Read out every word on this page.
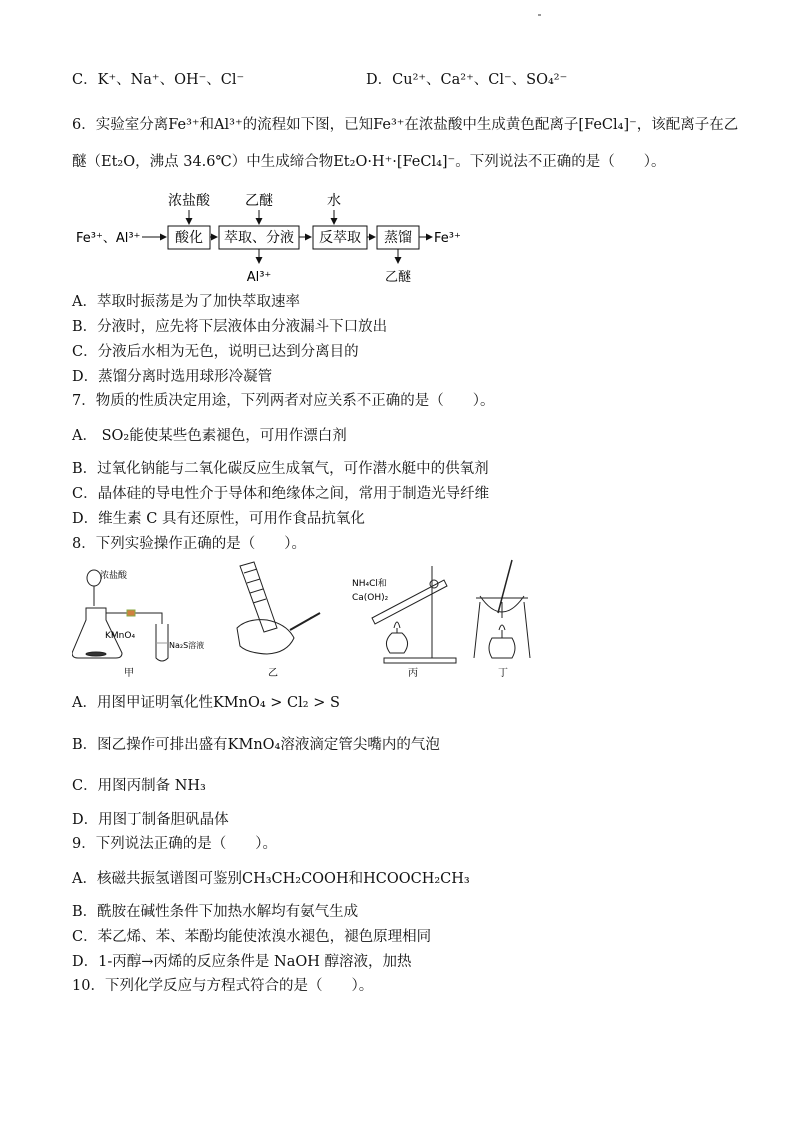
C．K⁺、Na⁺、OH⁻、Cl⁻	D．Cu²⁺、Ca²⁺、Cl⁻、SO₄²⁻
6．实验室分离Fe³⁺和Al³⁺的流程如下图，已知Fe³⁺在浓盐酸中生成黄色配离子[FeCl₄]⁻，该配离子在乙
醚（Et₂O，沸点 34.6℃）中生成缔合物Et₂O·H⁺·[FeCl₄]⁻。下列说法不正确的是（　　）。
Fe³⁺、Al³⁺ 酸化
浓盐酸
萃取、分液
乙醚
Al³⁺
反萃取
水
蒸馏
乙醚
Fe³⁺
A．萃取时振荡是为了加快萃取速率
B．分液时，应先将下层液体由分液漏斗下口放出
C．分液后水相为无色，说明已达到分离目的
D．蒸馏分离时选用球形冷凝管
7．物质的性质决定用途，下列两者对应关系不正确的是（　　）。
A． SO₂能使某些色素褪色，可用作漂白剂
B．过氧化钠能与二氧化碳反应生成氧气，可作潜水艇中的供氧剂
C．晶体硅的导电性介于导体和绝缘体之间，常用于制造光导纤维
D．维生素 C 具有还原性，可用作食品抗氧化
8．下列实验操作正确的是（　　）。
浓盐酸
KMnO₄
Na₂S溶液
甲	乙
NH₄Cl和
Ca(OH)₂
丙	丁
A．用图甲证明氧化性KMnO₄ > Cl₂ > S
B．图乙操作可排出盛有KMnO₄溶液滴定管尖嘴内的气泡
C．用图丙制备 NH₃
D．用图丁制备胆矾晶体
9．下列说法正确的是（　　）。
A．核磁共振氢谱图可鉴别CH₃CH₂COOH和HCOOCH₂CH₃
B．酰胺在碱性条件下加热水解均有氨气生成
C．苯乙烯、苯、苯酚均能使浓溴水褪色，褪色原理相同
D．1-丙醇→丙烯的反应条件是 NaOH 醇溶液，加热
10．下列化学反应与方程式符合的是（　　）。
